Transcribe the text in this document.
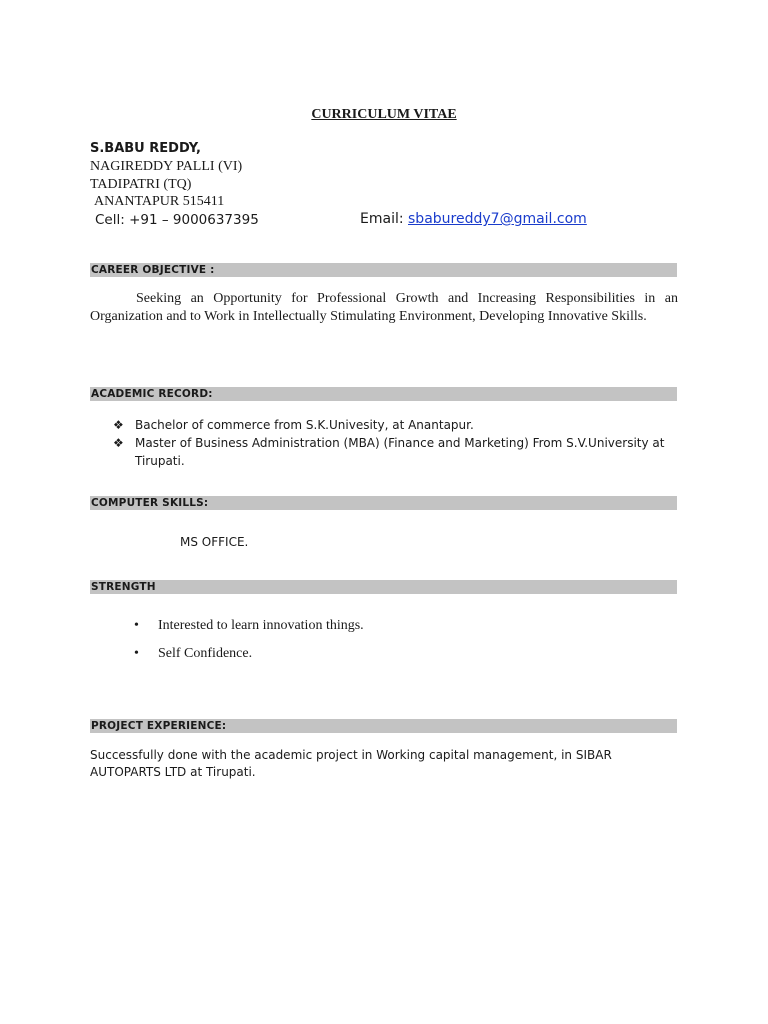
CURRICULUM VITAE
S.BABU REDDY,
NAGIREDDY PALLI (VI)
TADIPATRI (TQ)
ANANTAPUR 515411
Cell: +91 – 9000637395	Email: sbabureddy7@gmail.com
CAREER OBJECTIVE :
Seeking an Opportunity for Professional Growth and Increasing Responsibilities in an Organization and to Work in Intellectually Stimulating Environment, Developing Innovative Skills.
ACADEMIC RECORD:
❖ Bachelor of commerce from S.K.Univesity, at Anantapur.
❖ Master of Business Administration (MBA) (Finance and Marketing) From S.V.University at Tirupati.
COMPUTER SKILLS:
MS OFFICE.
STRENGTH
• Interested to learn innovation things.
• Self Confidence.
PROJECT EXPERIENCE:
Successfully done with the academic project in Working capital management, in SIBAR AUTOPARTS LTD at Tirupati.
